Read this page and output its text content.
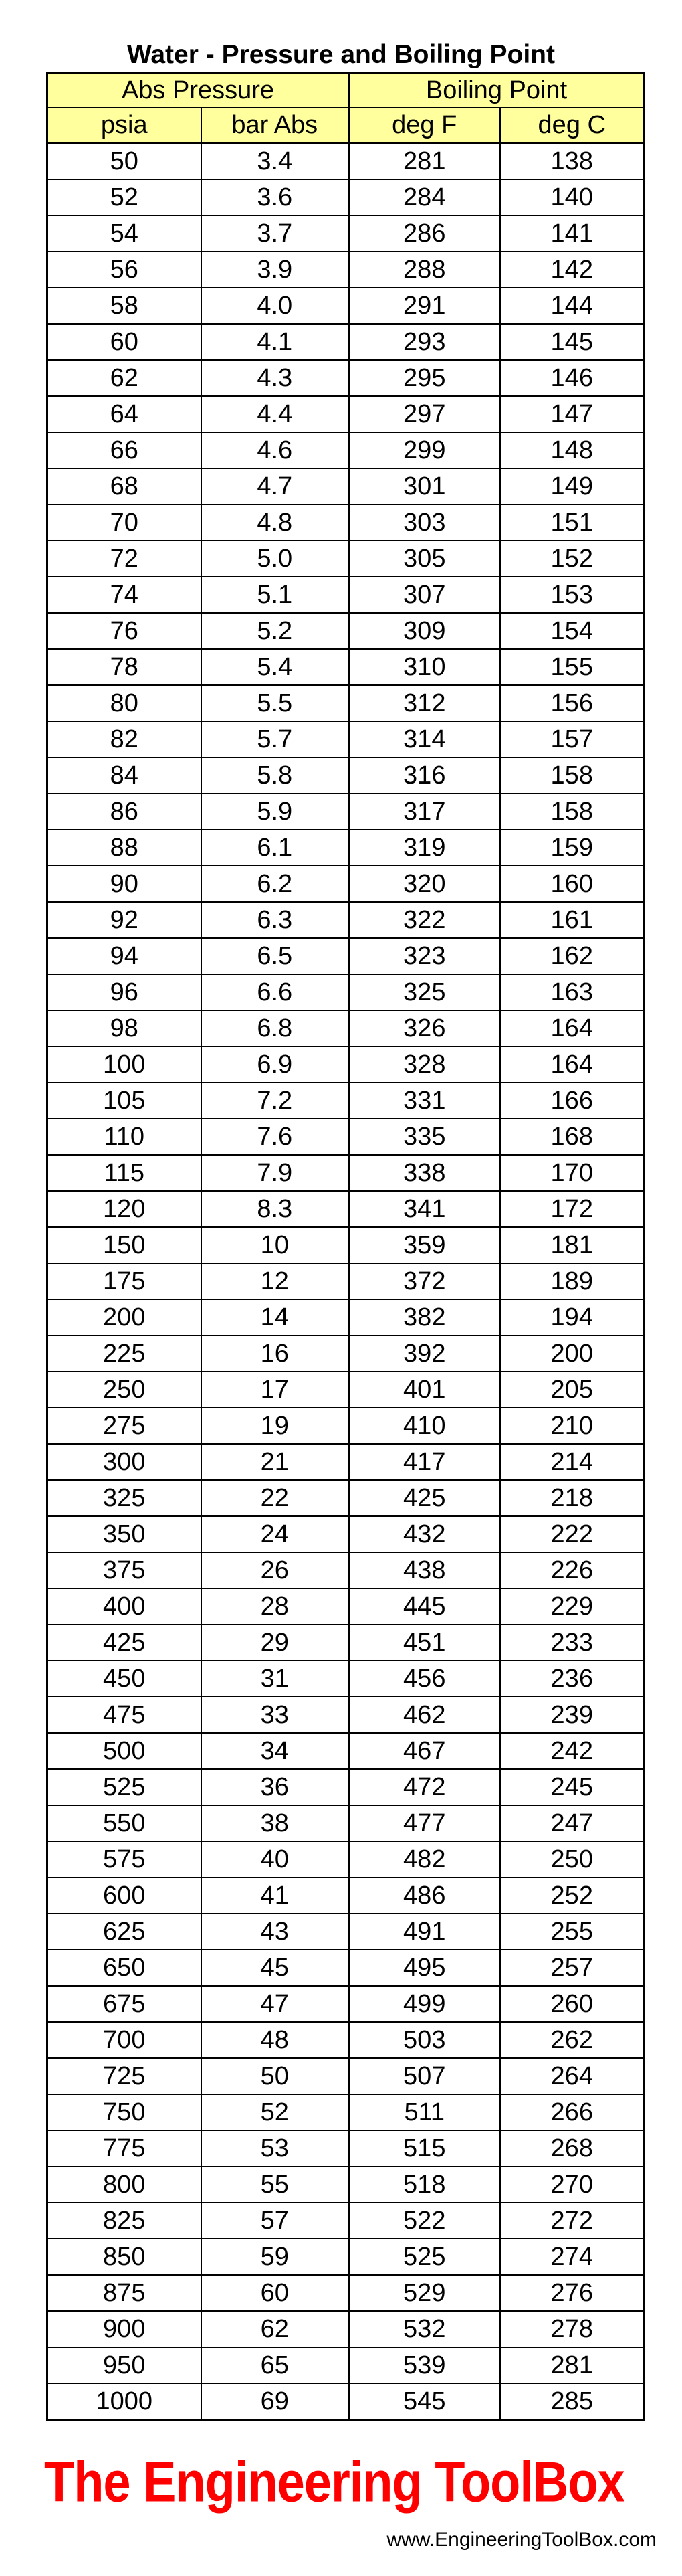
Water - Pressure and Boiling Point
Abs Pressure		Boiling Point	
psia	bar Abs	deg F	deg C
50	3.4	281	138
52	3.6	284	140
54	3.7	286	141
56	3.9	288	142
58	4.0	291	144
60	4.1	293	145
62	4.3	295	146
64	4.4	297	147
66	4.6	299	148
68	4.7	301	149
70	4.8	303	151
72	5.0	305	152
74	5.1	307	153
76	5.2	309	154
78	5.4	310	155
80	5.5	312	156
82	5.7	314	157
84	5.8	316	158
86	5.9	317	158
88	6.1	319	159
90	6.2	320	160
92	6.3	322	161
94	6.5	323	162
96	6.6	325	163
98	6.8	326	164
100	6.9	328	164
105	7.2	331	166
110	7.6	335	168
115	7.9	338	170
120	8.3	341	172
150	10	359	181
175	12	372	189
200	14	382	194
225	16	392	200
250	17	401	205
275	19	410	210
300	21	417	214
325	22	425	218
350	24	432	222
375	26	438	226
400	28	445	229
425	29	451	233
450	31	456	236
475	33	462	239
500	34	467	242
525	36	472	245
550	38	477	247
575	40	482	250
600	41	486	252
625	43	491	255
650	45	495	257
675	47	499	260
700	48	503	262
725	50	507	264
750	52	511	266
775	53	515	268
800	55	518	270
825	57	522	272
850	59	525	274
875	60	529	276
900	62	532	278
950	65	539	281
1000	69	545	285
The Engineering ToolBox
www.EngineeringToolBox.com
